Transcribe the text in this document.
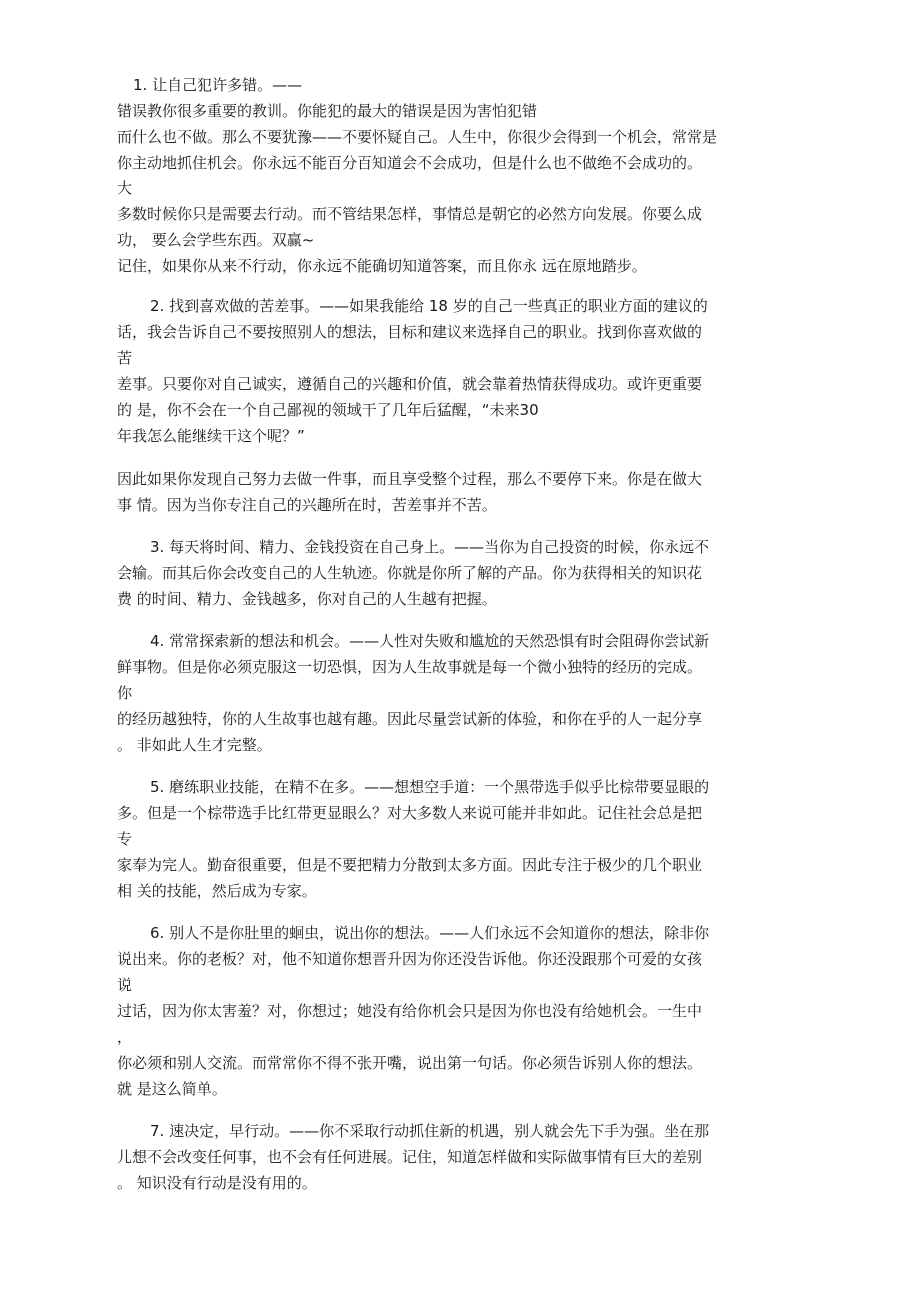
1. 让自己犯许多错。——
错误教你很多重要的教训。你能犯的最大的错误是因为害怕犯错
而什么也不做。那么不要犹豫——不要怀疑自己。人生中，你很少会得到一个机会，常常是
你主动地抓住机会。你永远不能百分百知道会不会成功，但是什么也不做绝不会成功的。
大
多数时候你只是需要去行动。而不管结果怎样，事情总是朝它的必然方向发展。你要么成
功， 要么会学些东西。双赢~
记住，如果你从来不行动，你永远不能确切知道答案，而且你永 远在原地踏步。
2. 找到喜欢做的苦差事。——如果我能给 18 岁的自己一些真正的职业方面的建议的
话，我会告诉自己不要按照别人的想法，目标和建议来选择自己的职业。找到你喜欢做的
苦
差事。只要你对自己诚实，遵循自己的兴趣和价值，就会靠着热情获得成功。或许更重要
的 是，你不会在一个自己鄙视的领域干了几年后猛醒，“未来30
年我怎么能继续干这个呢？”
因此如果你发现自己努力去做一件事，而且享受整个过程，那么不要停下来。你是在做大
事 情。因为当你专注自己的兴趣所在时，苦差事并不苦。
3. 每天将时间、精力、金钱投资在自己身上。——当你为自己投资的时候，你永远不
会输。而其后你会改变自己的人生轨迹。你就是你所了解的产品。你为获得相关的知识花
费 的时间、精力、金钱越多，你对自己的人生越有把握。
4. 常常探索新的想法和机会。——人性对失败和尴尬的天然恐惧有时会阻碍你尝试新
鲜事物。但是你必须克服这一切恐惧，因为人生故事就是每一个微小独特的经历的完成。
你
的经历越独特，你的人生故事也越有趣。因此尽量尝试新的体验，和你在乎的人一起分享
。 非如此人生才完整。
5. 磨练职业技能，在精不在多。——想想空手道：一个黑带选手似乎比棕带要显眼的
多。但是一个棕带选手比红带更显眼么？对大多数人来说可能并非如此。记住社会总是把
专
家奉为完人。勤奋很重要，但是不要把精力分散到太多方面。因此专注于极少的几个职业
相 关的技能，然后成为专家。
6. 别人不是你肚里的蛔虫，说出你的想法。——人们永远不会知道你的想法，除非你
说出来。你的老板？对，他不知道你想晋升因为你还没告诉他。你还没跟那个可爱的女孩
说
过话，因为你太害羞？对，你想过；她没有给你机会只是因为你也没有给她机会。一生中
，
你必须和别人交流。而常常你不得不张开嘴，说出第一句话。你必须告诉别人你的想法。
就 是这么简单。
7. 速决定，早行动。——你不采取行动抓住新的机遇，别人就会先下手为强。坐在那
儿想不会改变任何事，也不会有任何进展。记住，知道怎样做和实际做事情有巨大的差别
。 知识没有行动是没有用的。
